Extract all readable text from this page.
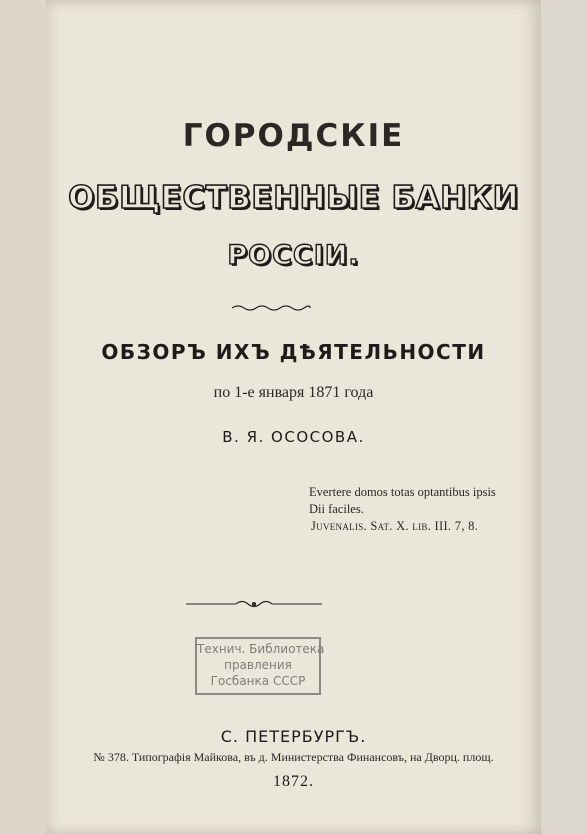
ГОРОДСКІЕ
ОБЩЕСТВЕННЫЕ БАНКИ
РОССІИ.
ОБЗОРЪ ИХЪ ДѢЯТЕЛЬНОСТИ
по 1-е января 1871 года
В. Я. ОСОСОВА.
Evertere domos totas optantibus ipsis
Dii faciles.
Juvenalis. Sat. X. lib. III. 7, 8.
Технич. Библиотека
правления
Госбанка СССР
С. ПЕТЕРБУРГЪ.
№ 378. Типографія Майкова, въ д. Министерства Финансовъ, на Дворц. площ.
1872.
